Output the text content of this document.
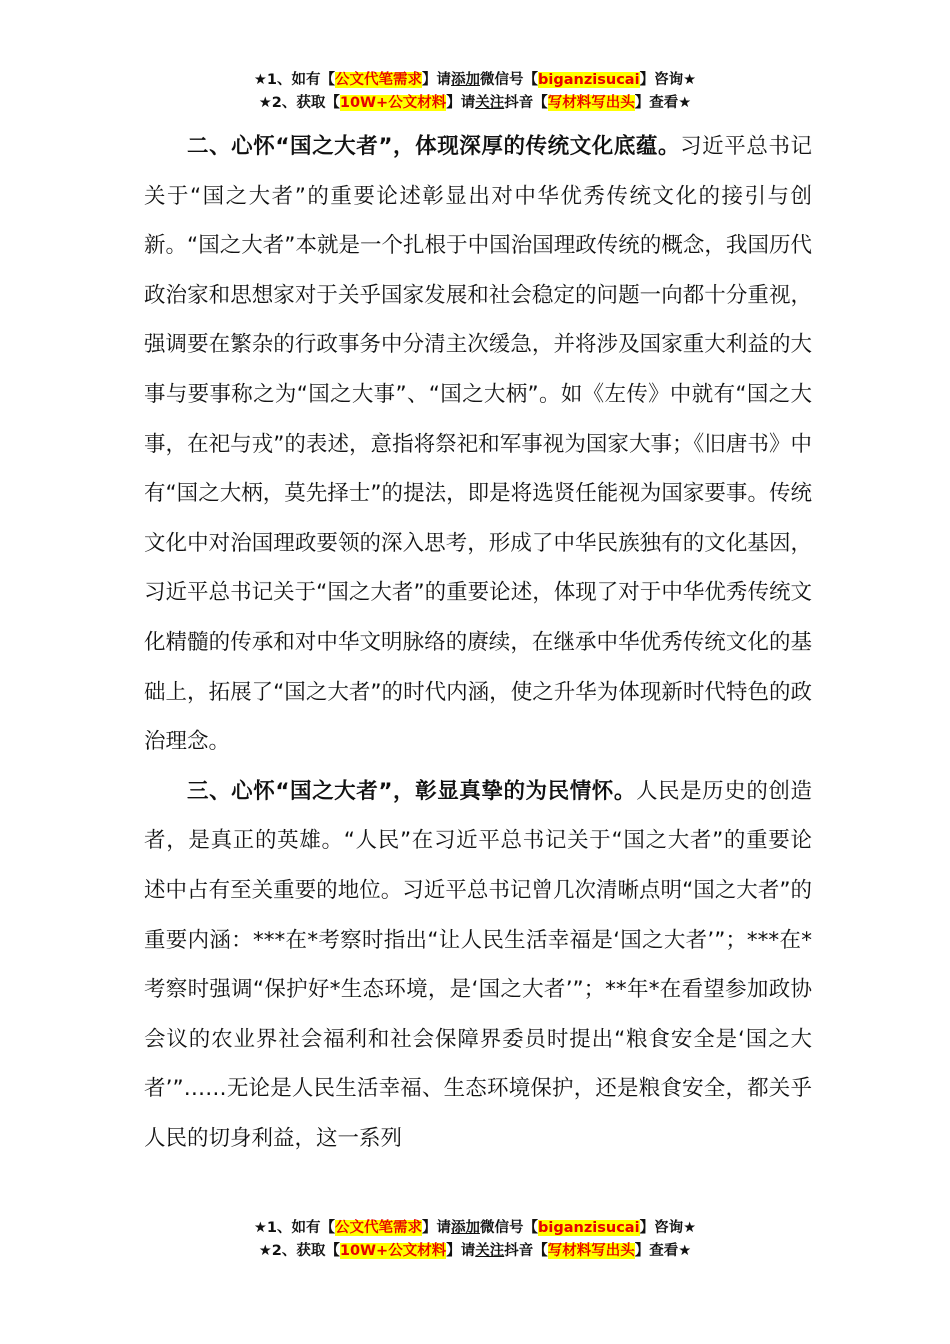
★1、如有【公文代笔需求】请添加微信号【biganzisucai】咨询★
★2、获取【10W+公文材料】请关注抖音【写材料写出头】查看★

二、心怀“国之大者”，体现深厚的传统文化底蕴。习近平总书记关于“国之大者”的重要论述彰显出对中华优秀传统文化的接引与创新。“国之大者”本就是一个扎根于中国治国理政传统的概念，我国历代政治家和思想家对于关乎国家发展和社会稳定的问题一向都十分重视，强调要在繁杂的行政事务中分清主次缓急，并将涉及国家重大利益的大事与要事称之为“国之大事”、“国之大柄”。如《左传》中就有“国之大事，在祀与戎”的表述，意指将祭祀和军事视为国家大事；《旧唐书》中有“国之大柄，莫先择士”的提法，即是将选贤任能视为国家要事。传统文化中对治国理政要领的深入思考，形成了中华民族独有的文化基因，习近平总书记关于“国之大者”的重要论述，体现了对于中华优秀传统文化精髓的传承和对中华文明脉络的赓续，在继承中华优秀传统文化的基础上，拓展了“国之大者”的时代内涵，使之升华为体现新时代特色的政治理念。

三、心怀“国之大者”，彰显真挚的为民情怀。人民是历史的创造者，是真正的英雄。“人民”在习近平总书记关于“国之大者”的重要论述中占有至关重要的地位。习近平总书记曾几次清晰点明“国之大者”的重要内涵：***在*考察时指出“让人民生活幸福是‘国之大者’”；***在*考察时强调“保护好*生态环境，是‘国之大者’”；**年*在看望参加政协会议的农业界社会福利和社会保障界委员时提出“粮食安全是‘国之大者’”……无论是人民生活幸福、生态环境保护，还是粮食安全，都关乎人民的切身利益，这一系列

★1、如有【公文代笔需求】请添加微信号【biganzisucai】咨询★
★2、获取【10W+公文材料】请关注抖音【写材料写出头】查看★
